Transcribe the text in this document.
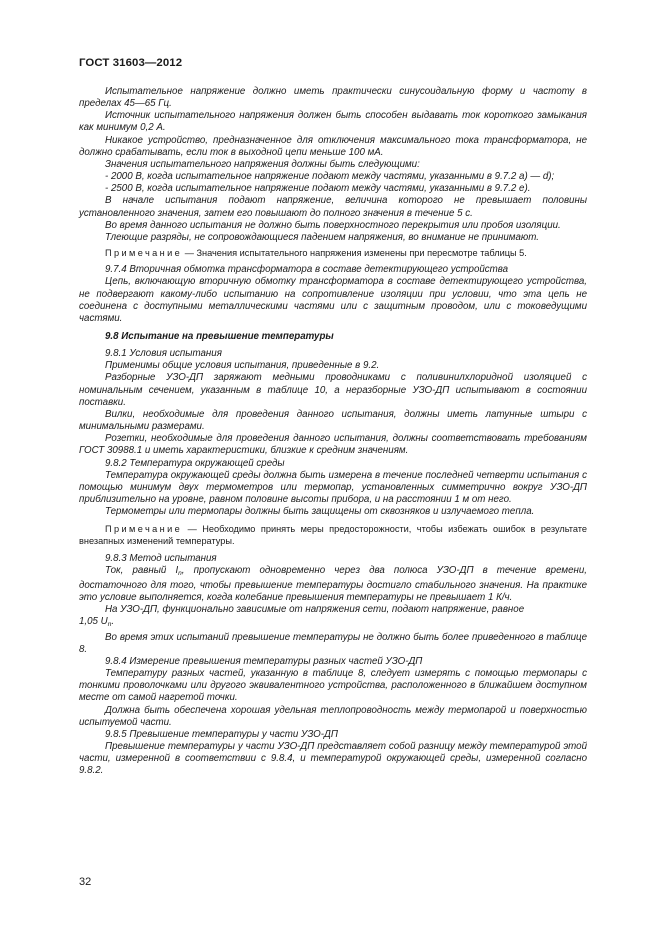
ГОСТ 31603—2012

Испытательное напряжение должно иметь практически синусоидальную форму и частоту в пределах 45—65 Гц.

Источник испытательного напряжения должен быть способен выдавать ток короткого замыкания как минимум 0,2 А.

Никакое устройство, предназначенное для отключения максимального тока трансформатора, не должно срабатывать, если ток в выходной цепи меньше 100 мА.

Значения испытательного напряжения должны быть следующими:

- 2000 В, когда испытательное напряжение подают между частями, указанными в 9.7.2 а) — d);

- 2500 В, когда испытательное напряжение подают между частями, указанными в 9.7.2 е).

В начале испытания подают напряжение, величина которого не превышает половины установленного значения, затем его повышают до полного значения в течение 5 с.

Во время данного испытания не должно быть поверхностного перекрытия или пробоя изоляции.

Тлеющие разряды, не сопровождающиеся падением напряжения, во внимание не принимают.

Примечание — Значения испытательного напряжения изменены при пересмотре таблицы 5.

9.7.4 Вторичная обмотка трансформатора в составе детектирующего устройства

Цепь, включающую вторичную обмотку трансформатора в составе детектирующего устройства, не подвергают какому-либо испытанию на сопротивление изоляции при условии, что эта цепь не соединена с доступными металлическими частями или с защитным проводом, или с токоведущими частями.

9.8 Испытание на превышение температуры

9.8.1 Условия испытания

Применимы общие условия испытания, приведенные в 9.2.

Разборные УЗО-ДП заряжают медными проводниками с поливинилхлоридной изоляцией с номинальным сечением, указанным в таблице 10, а неразборные УЗО-ДП испытывают в состоянии поставки.

Вилки, необходимые для проведения данного испытания, должны иметь латунные штыри с минимальными размерами.

Розетки, необходимые для проведения данного испытания, должны соответствовать требованиям ГОСТ 30988.1 и иметь характеристики, близкие к средним значениям.

9.8.2 Температура окружающей среды

Температура окружающей среды должна быть измерена в течение последней четверти испытания с помощью минимум двух термометров или термопар, установленных симметрично вокруг УЗО-ДП приблизительно на уровне, равном половине высоты прибора, и на расстоянии 1 м от него.

Термометры или термопары должны быть защищены от сквозняков и излучаемого тепла.

Примечание — Необходимо принять меры предосторожности, чтобы избежать ошибок в результате внезапных изменений температуры.

9.8.3 Метод испытания

Ток, равный $I_n$, пропускают одновременно через два полюса УЗО-ДП в течение времени, достаточного для того, чтобы превышение температуры достигло стабильного значения. На практике это условие выполняется, когда колебание превышения температуры не превышает 1 К/ч.

На УЗО-ДП, функционально зависимые от напряжения сети, подают напряжение, равное

1,05 $U_n$.

Во время этих испытаний превышение температуры не должно быть более приведенного в таблице 8.

9.8.4 Измерение превышения температуры разных частей УЗО-ДП

Температуру разных частей, указанную в таблице 8, следует измерять с помощью термопары с тонкими проволочками или другого эквивалентного устройства, расположенного в ближайшем доступном месте от самой нагретой точки.

Должна быть обеспечена хорошая удельная теплопроводность между термопарой и поверхностью испытуемой части.

9.8.5 Превышение температуры у части УЗО-ДП

Превышение температуры у части УЗО-ДП представляет собой разницу между температурой этой части, измеренной в соответствии с 9.8.4, и температурой окружающей среды, измеренной согласно 9.8.2.

32
